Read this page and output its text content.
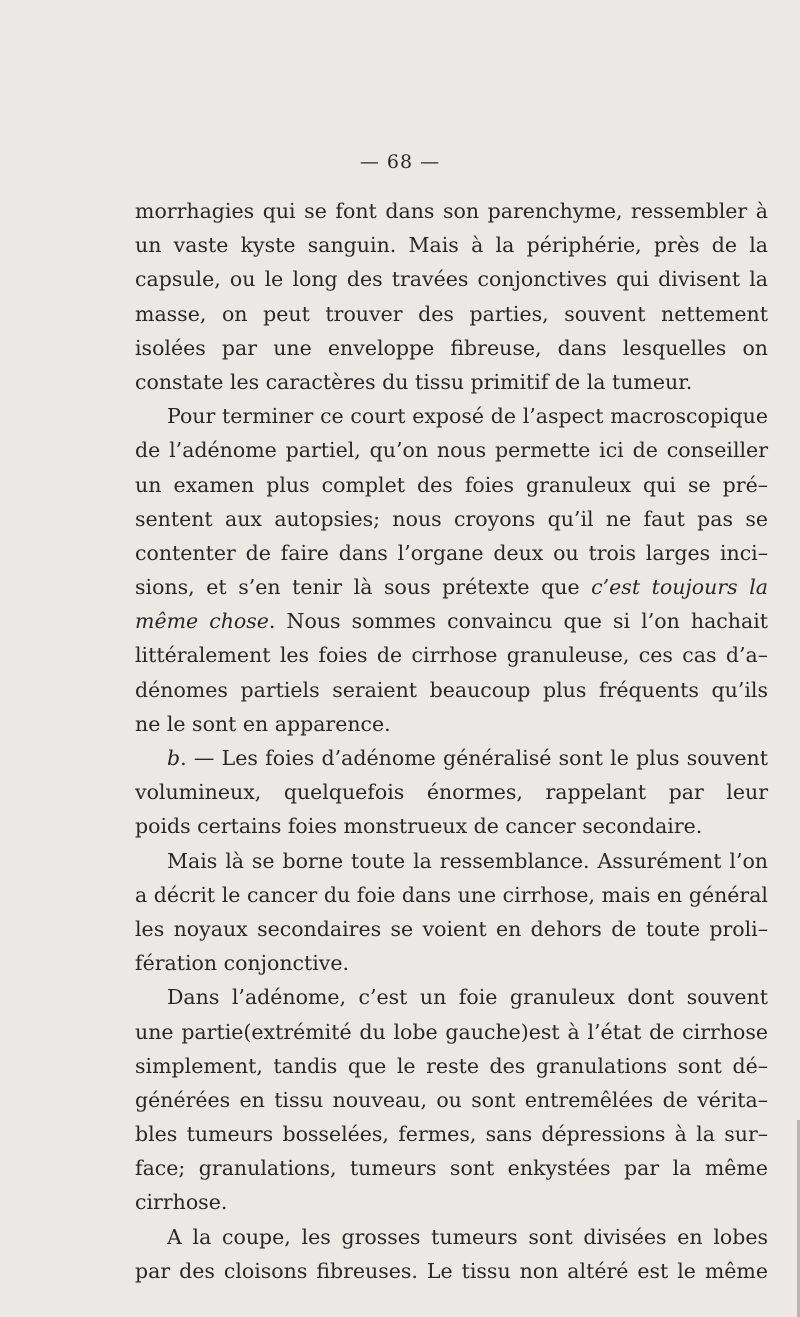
— 68 —
morrhagies qui se font dans son parenchyme, ressembler à
un vaste kyste sanguin. Mais à la périphérie, près de la
capsule, ou le long des travées conjonctives qui divisent la
masse, on peut trouver des parties, souvent nettement
isolées par une enveloppe fibreuse, dans lesquelles on
constate les caractères du tissu primitif de la tumeur.
Pour terminer ce court exposé de l’aspect macroscopique
de l’adénome partiel, qu’on nous permette ici de conseiller
un examen plus complet des foies granuleux qui se pré–
sentent aux autopsies; nous croyons qu’il ne faut pas se
contenter de faire dans l’organe deux ou trois larges inci–
sions, et s’en tenir là sous prétexte que c’est toujours la
même chose. Nous sommes convaincu que si l’on hachait
littéralement les foies de cirrhose granuleuse, ces cas d’a–
dénomes partiels seraient beaucoup plus fréquents qu’ils
ne le sont en apparence.
b. — Les foies d’adénome généralisé sont le plus souvent
volumineux, quelquefois énormes, rappelant par leur
poids certains foies monstrueux de cancer secondaire.
Mais là se borne toute la ressemblance. Assurément l’on
a décrit le cancer du foie dans une cirrhose, mais en général
les noyaux secondaires se voient en dehors de toute proli–
fération conjonctive.
Dans l’adénome, c’est un foie granuleux dont souvent
une partie(extrémité du lobe gauche)est à l’état de cirrhose
simplement, tandis que le reste des granulations sont dé–
générées en tissu nouveau, ou sont entremêlées de vérita–
bles tumeurs bosselées, fermes, sans dépressions à la sur–
face; granulations, tumeurs sont enkystées par la même
cirrhose.
A la coupe, les grosses tumeurs sont divisées en lobes
par des cloisons fibreuses. Le tissu non altéré est le même
